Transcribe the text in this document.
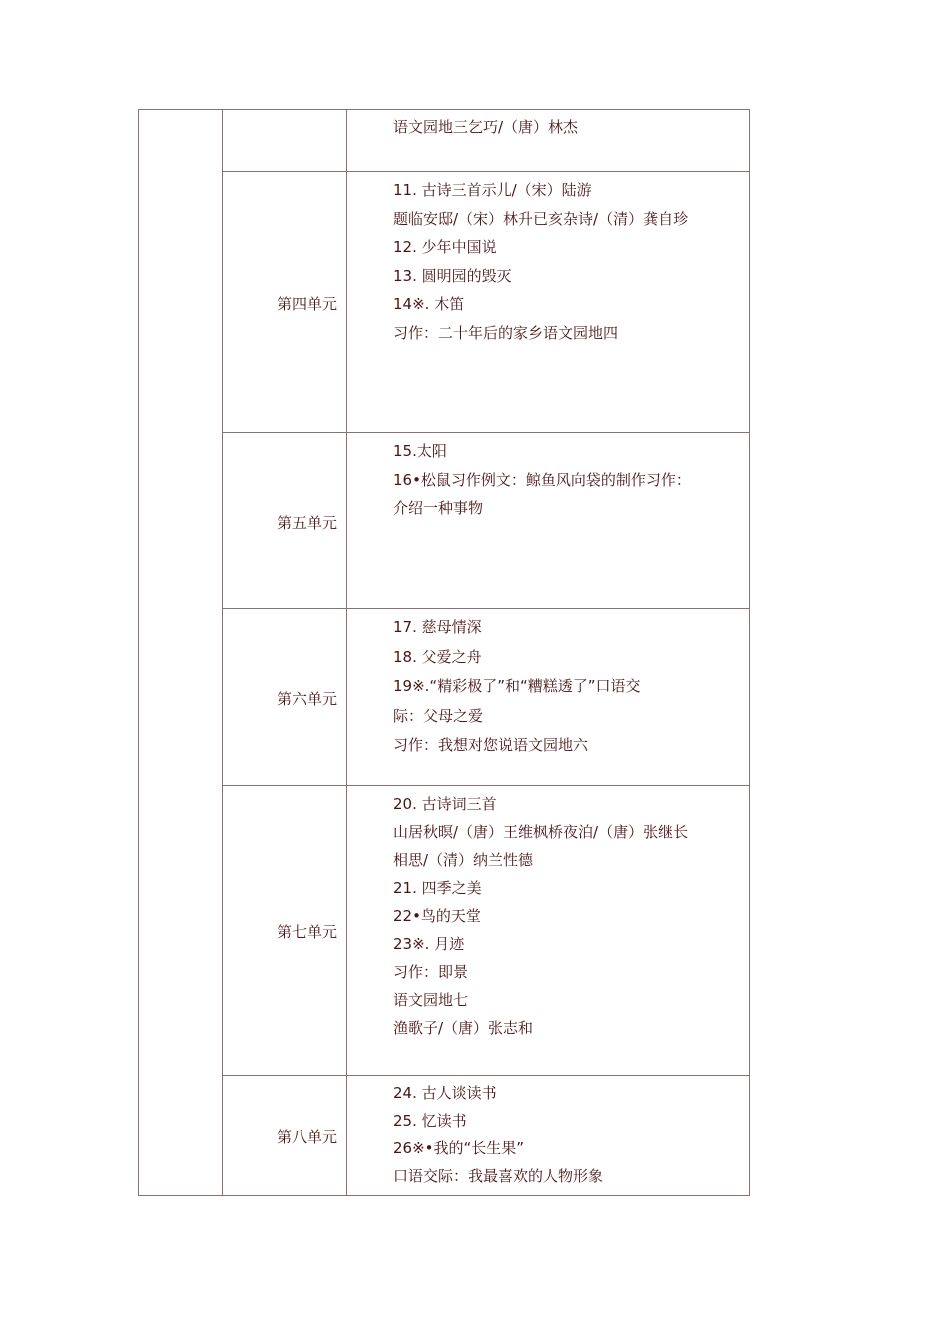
语文园地三乞巧/（唐）林杰
第四单元
11. 古诗三首示儿/（宋）陆游
题临安邸/（宋）林升已亥杂诗/（清）龚自珍
12. 少年中国说
13. 圆明园的毁灭
14※. 木笛
习作：二十年后的家乡语文园地四
第五单元
15.太阳
16•松鼠习作例文：鲸鱼风向袋的制作习作：
介绍一种事物
第六单元
17. 慈母情深
18. 父爱之舟
19※.“精彩极了”和“糟糕透了”口语交
际：父母之爱
习作：我想对您说语文园地六
第七单元
20. 古诗词三首
山居秋暝/（唐）王维枫桥夜泊/（唐）张继长
相思/（清）纳兰性德
21. 四季之美
22•鸟的天堂
23※. 月迹
习作：即景
语文园地七
渔歌子/（唐）张志和
第八单元
24. 古人谈读书
25. 忆读书
26※•我的“长生果”
口语交际：我最喜欢的人物形象
